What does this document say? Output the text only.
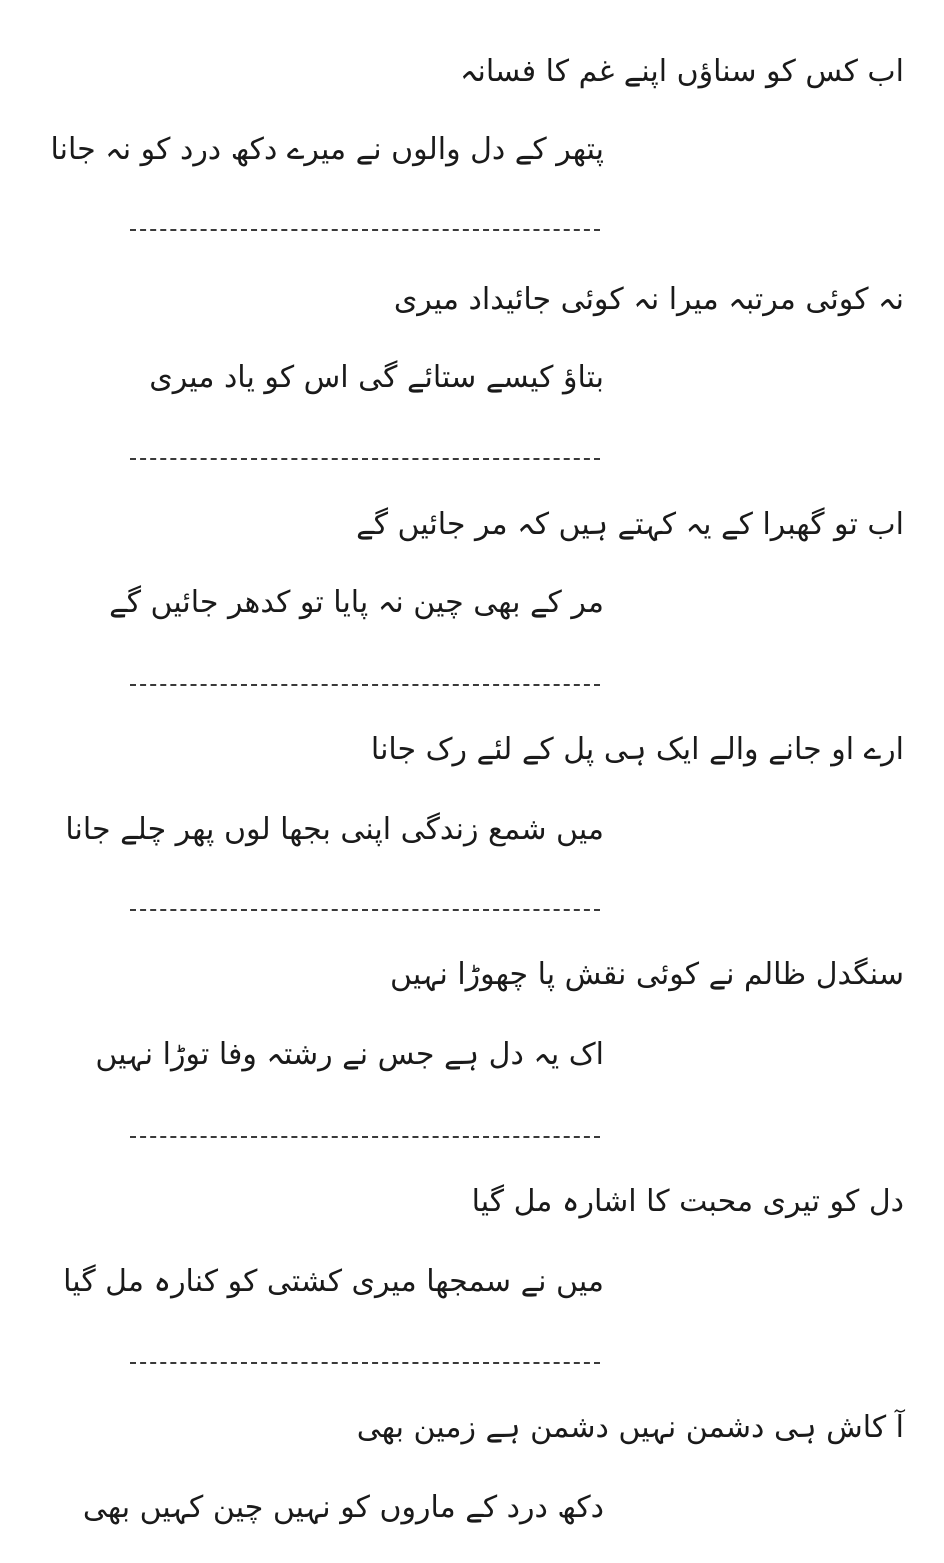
اب کس کو سناؤں اپنے غم کا فسانہ
پتھر کے دل والوں نے میرے دکھ درد کو نہ جانا
نہ کوئی مرتبہ میرا نہ کوئی جائیداد میری
بتاؤ کیسے ستائے گی اس کو یاد میری
اب تو گھبرا کے یہ کہتے ہیں کہ مر جائیں گے
مر کے بھی چین نہ پایا تو کدھر جائیں گے
ارے او جانے والے ایک ہی پل کے لئے رک جانا
میں شمع زندگی اپنی بجھا لوں پھر چلے جانا
سنگدل ظالم نے کوئی نقش پا چھوڑا نہیں
اک یہ دل ہے جس نے رشتہ وفا توڑا نہیں
دل کو تیری محبت کا اشارہ مل گیا
میں نے سمجھا میری کشتی کو کنارہ مل گیا
آ کاش ہی دشمن نہیں دشمن ہے زمین بھی
دکھ درد کے ماروں کو نہیں چین کہیں بھی
